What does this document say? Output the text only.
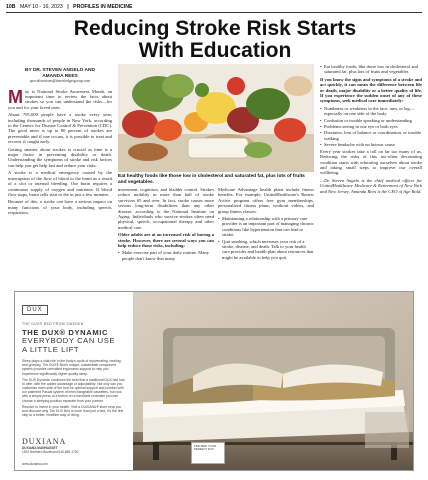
10B MAY 10 - 16, 2023 | PROFILES IN MEDICINE
Reducing Stroke Risk Starts
With Education
BY DR. STEVEN ANGELO AND
AMANDA REES
specialsections@timesledgergroup.com

May is National Stroke Awareness Month, an important time to review the facts about strokes so you can understand the risks—for you and for your loved ones.

About 795,000 people have a stroke every year, including thousands of people in New York, according to the Centers for Disease Control & Prevention (CDC). The good news is up to 80 percent of strokes are preventable and if one occurs, it is possible to treat and recover if caught early.

Getting smarter about strokes is crucial as time is a major factor in preventing disability or death. Understanding the symptoms of stroke and risk factors can help you get help fast and reduce your risks.

A stroke is a medical emergency caused by the interruption of the flow of blood to the brain as a result of a clot or internal bleeding. Our brain requires a continuous supply of oxygen and nutrients. If blood flow stops, brain cells start to die in just a few minutes.

Because of this, a stroke can have a serious impact on many functions of your body, including speech, respiration,

Eat healthy foods like those low in cholesterol and saturated fat, plus lots of fruits and vegetables.

movement, cognition, and bladder control. Strokes reduce mobility in more than half of stroke survivors 65 and over. In fact, stroke causes more serious long-term disabilities than any other disease, according to the National Institute on Aging. Individuals who survive strokes often need physical, speech, occupational therapy and other medical care.

Older adults are at an increased risk of having a stroke. However, there are several ways you can help reduce those risks, including:

• Make exercise part of your daily routine. Many people don't know that many

Medicare Advantage health plans include fitness benefits. For example, UnitedHealthcare's Renew Active program offers free gym memberships, personalized fitness plans, workout videos, and group fitness classes.

• Maintaining a relationship with a primary care provider is an important part of managing chronic conditions like hypertension that can lead to stroke.
• Quit smoking, which increases your risk of a stroke, disease, and death. Talk to your health care provider and health plan about resources that might be available to help you quit.
• Eat healthy foods, like those low in cholesterol and saturated fat, plus lots of fruits and vegetables

If you know the signs and symptoms of a stroke and act quickly, it can mean the difference between life or death, major disability or a better quality of life. If you experience the sudden onset of any of these symptoms, seek medical care immediately:

• Numbness or weakness in the face, arm, or leg—especially on one side of the body
• Confusion or trouble speaking or understanding
• Problems seeing in one eye or both eyes
• Dizziness, loss of balance or coordination, or trouble walking
• Severe headache with no known cause

Every year strokes take a toll on far too many of us. Reducing the risks of this too-often devastating condition starts with educating ourselves about stroke and taking small steps to improve our overall wellbeing.

—Dr. Steven Angelo is the chief medical officer for UnitedHealthcare Medicare & Retirement of New York and New Jersey. Amanda Rees is the CEO of Age Bold.

DUX
THE DUX® BED FROM SWEDEN
THE DUX® DYNAMIC
EVERYBODY CAN USE
A LITTLE LIFT

Sleep plays a vital role in the body's cycle of rejuvenating, healing, and growing. The DUX® Bed's unique, sustainable component system provides unrivalled ergonomic support to help you experience significantly higher quality sleep.

The DUX Dynamic combines the best that a traditional DUX bed has to offer, with the added advantage of adjustability. Not only can you customize each side of the bed for optimal support and comfort with our patented Pascal system of interchangeable cassettes, but now with a simple press of a button on a handheld controller you can choose a sleeping position separate from your partner.

Resolve to invest in your health. Visit a DUXIANA® store near you and discover why The DUX Bed is more than just a bed, it's the first step to a better, healthier way of living.

DUXIANA
DUXIANA MANHASSET
1520 Northern Boulevard 516-869-1750
www.duxiana.com
FIND BED YOUR PERFECT DUX
2925139
